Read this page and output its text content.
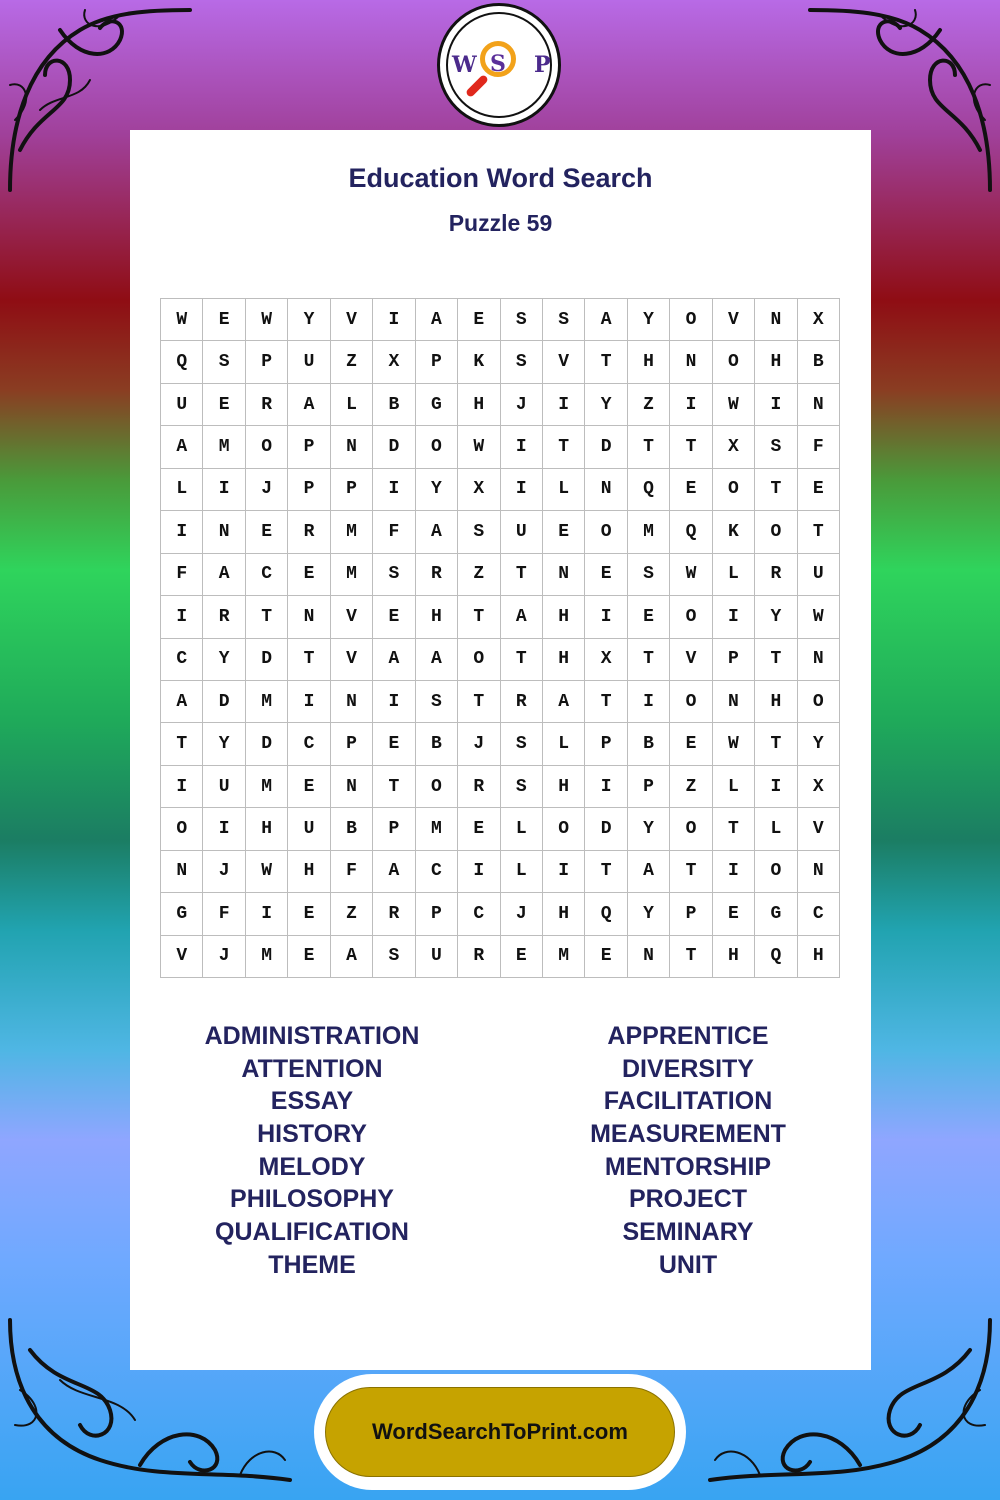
W S P
Education Word Search
Puzzle 59
W	E	W	Y	V	I	A	E	S	S	A	Y	O	V	N	X
Q	S	P	U	Z	X	P	K	S	V	T	H	N	O	H	B
U	E	R	A	L	B	G	H	J	I	Y	Z	I	W	I	N
A	M	O	P	N	D	O	W	I	T	D	T	T	X	S	F
L	I	J	P	P	I	Y	X	I	L	N	Q	E	O	T	E
I	N	E	R	M	F	A	S	U	E	O	M	Q	K	O	T
F	A	C	E	M	S	R	Z	T	N	E	S	W	L	R	U
I	R	T	N	V	E	H	T	A	H	I	E	O	I	Y	W
C	Y	D	T	V	A	A	O	T	H	X	T	V	P	T	N
A	D	M	I	N	I	S	T	R	A	T	I	O	N	H	O
T	Y	D	C	P	E	B	J	S	L	P	B	E	W	T	Y
I	U	M	E	N	T	O	R	S	H	I	P	Z	L	I	X
O	I	H	U	B	P	M	E	L	O	D	Y	O	T	L	V
N	J	W	H	F	A	C	I	L	I	T	A	T	I	O	N
G	F	I	E	Z	R	P	C	J	H	Q	Y	P	E	G	C
V	J	M	E	A	S	U	R	E	M	E	N	T	H	Q	H
ADMINISTRATION
ATTENTION
ESSAY
HISTORY
MELODY
PHILOSOPHY
QUALIFICATION
THEME
APPRENTICE
DIVERSITY
FACILITATION
MEASUREMENT
MENTORSHIP
PROJECT
SEMINARY
UNIT
WordSearchToPrint.com
